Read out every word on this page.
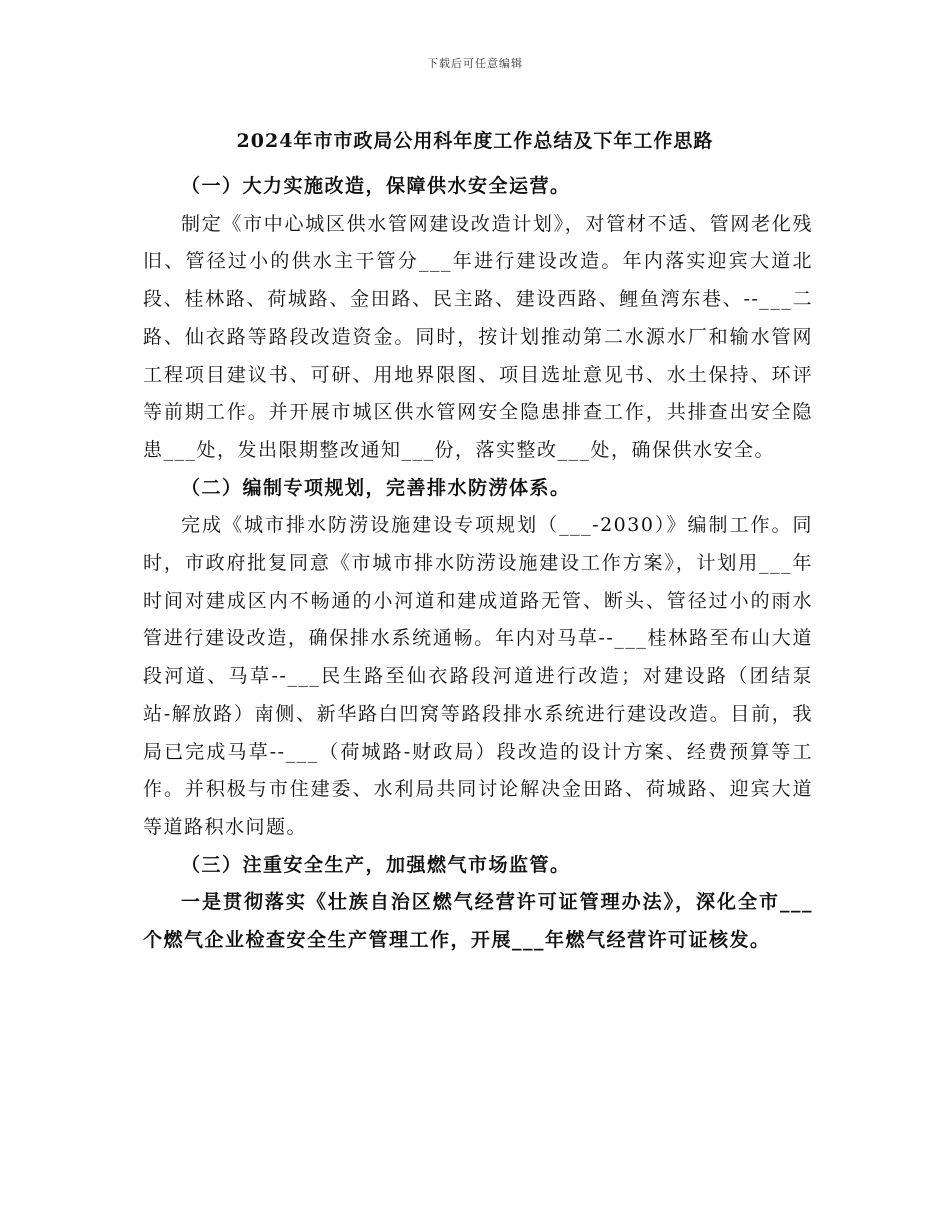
下载后可任意编辑
2024年市市政局公用科年度工作总结及下年工作思路

（一）大力实施改造，保障供水安全运营。

制定《市中心城区供水管网建设改造计划》，对管材不适、管网老化残旧、管径过小的供水主干管分___年进行建设改造。年内落实迎宾大道北段、桂林路、荷城路、金田路、民主路、建设西路、鲤鱼湾东巷、--___二路、仙衣路等路段改造资金。同时，按计划推动第二水源水厂和输水管网工程项目建议书、可研、用地界限图、项目选址意见书、水土保持、环评等前期工作。并开展市城区供水管网安全隐患排查工作，共排查出安全隐患___处，发出限期整改通知___份，落实整改___处，确保供水安全。

（二）编制专项规划，完善排水防涝体系。

完成《城市排水防涝设施建设专项规划（___-2030）》编制工作。同时，市政府批复同意《市城市排水防涝设施建设工作方案》，计划用___年时间对建成区内不畅通的小河道和建成道路无管、断头、管径过小的雨水管进行建设改造，确保排水系统通畅。年内对马草--___桂林路至布山大道段河道、马草--___民生路至仙衣路段河道进行改造；对建设路（团结泵站-解放路）南侧、新华路白凹窝等路段排水系统进行建设改造。目前，我局已完成马草--___（荷城路-财政局）段改造的设计方案、经费预算等工作。并积极与市住建委、水利局共同讨论解决金田路、荷城路、迎宾大道等道路积水问题。

（三）注重安全生产，加强燃气市场监管。

一是贯彻落实《壮族自治区燃气经营许可证管理办法》，深化全市___个燃气企业检查安全生产管理工作，开展___年燃气经营许可证核发。
